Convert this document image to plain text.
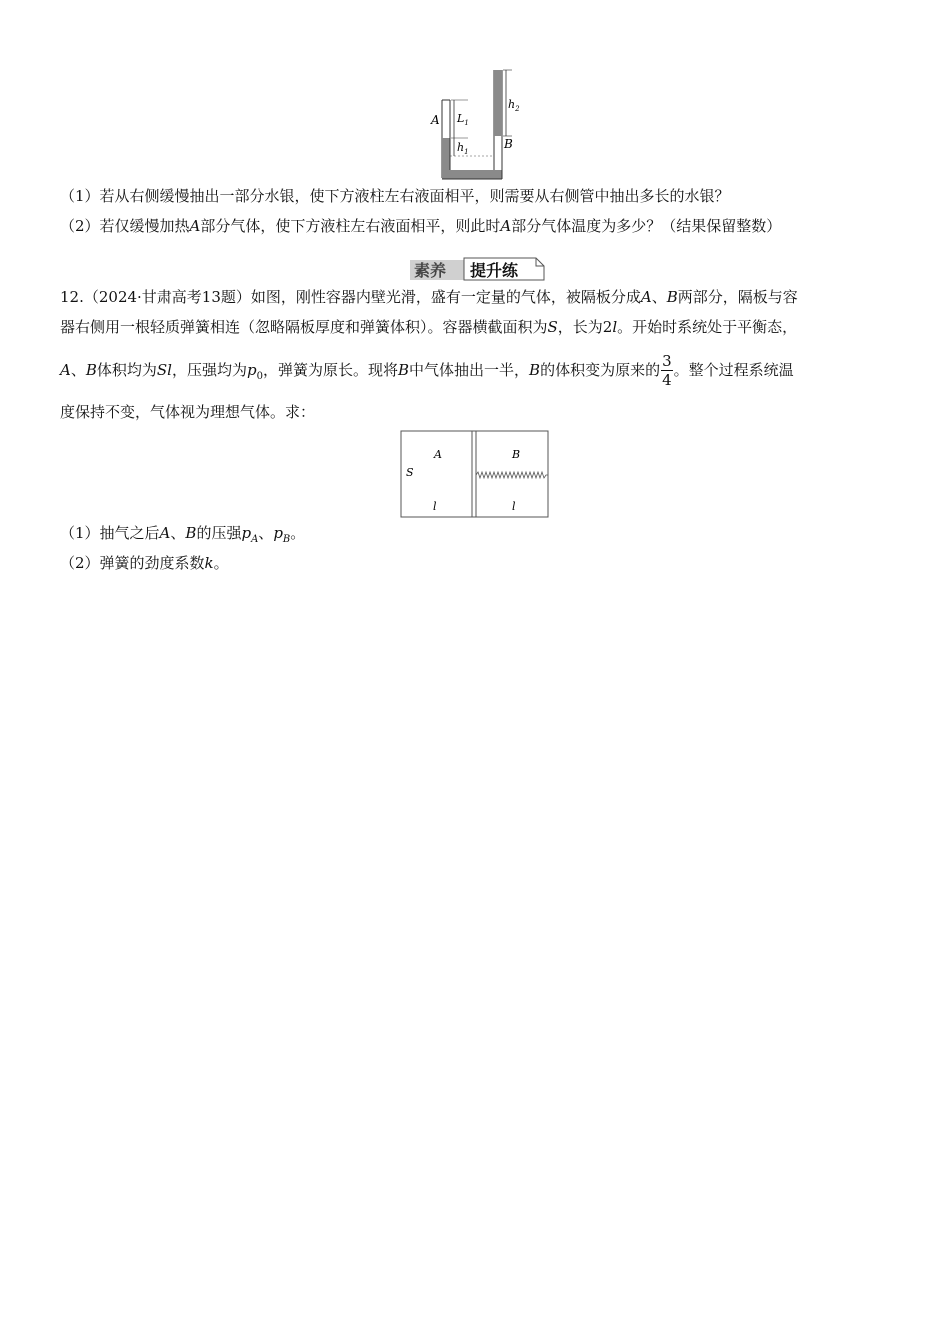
A $L_1$
$h_1$
$h_2$
B
（1）若从右侧缓慢抽出一部分水银，使下方液柱左右液面相平，则需要从右侧管中抽出多长的水银？
（2）若仅缓慢加热A部分气体，使下方液柱左右液面相平，则此时A部分气体温度为多少？（结果保留整数）
素养 提升练
12.（2024·甘肃高考13题）如图，刚性容器内壁光滑，盛有一定量的气体，被隔板分成A、B两部分，隔板与容
器右侧用一根轻质弹簧相连（忽略隔板厚度和弹簧体积）。容器横截面积为S，长为2l。开始时系统处于平衡态，
A、B体积均为Sl，压强均为$p_0$，弹簧为原长。现将B中气体抽出一半，B的体积变为原来的 $\frac{3}{4}$ 。整个过程系统温
度保持不变，气体视为理想气体。求：
A	B
S
l	l
（1）抽气之后A、B的压强$p_A$、$p_B$。
（2）弹簧的劲度系数k。
